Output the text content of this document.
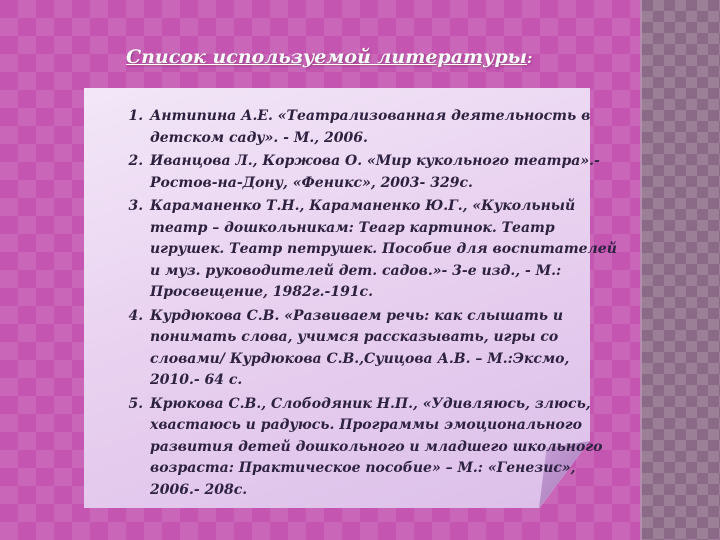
Список используемой литературы:
1. Антипина А.Е. «Театрализованная деятельность в детском саду». - М., 2006.
2. Иванцова Л., Коржова О. «Мир кукольного театра».- Ростов-на-Дону, «Феникс», 2003- 329с.
3. Караманенко Т.Н., Караманенко Ю.Г., «Кукольный театр – дошкольникам: Теагр картинок. Театр игрушек. Театр петрушек. Пособие для воспитателей и муз. руководителей дет. садов.»- 3-е изд., - М.: Просвещение, 1982г.-191с.
4. Курдюкова С.В. «Развиваем речь: как слышать и понимать слова, учимся рассказывать, игры со словами/ Курдюкова С.В.,Суицова А.В. – М.:Эксмо, 2010.- 64 с.
5. Крюкова С.В., Слободяник Н.П., «Удивляюсь, злюсь, хвастаюсь и радуюсь. Программы эмоционального развития детей дошкольного и младшего школьного возраста: Практическое пособие» – М.: «Генезис», 2006.- 208с.
